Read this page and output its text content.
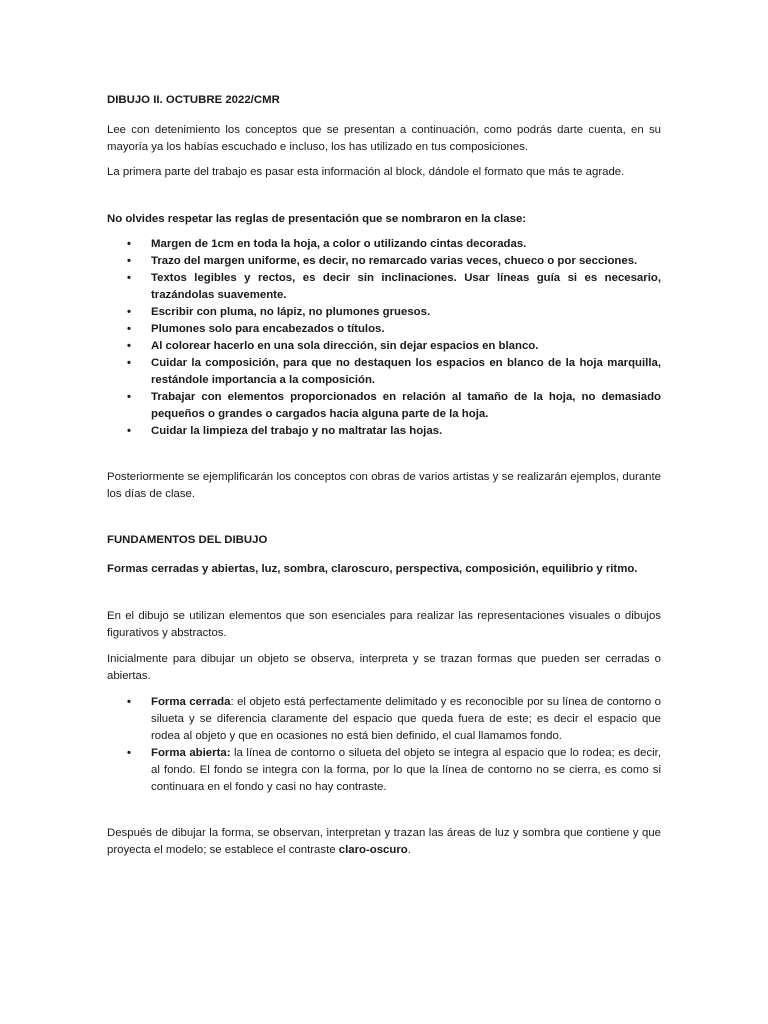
DIBUJO II. OCTUBRE 2022/CMR

Lee con detenimiento los conceptos que se presentan a continuación, como podrás darte cuenta, en su mayoría ya los habías escuchado e incluso, los has utilizado en tus composiciones.

La primera parte del trabajo es pasar esta información al block, dándole el formato que más te agrade.

No olvides respetar las reglas de presentación que se nombraron en la clase:

• Margen de 1cm en toda la hoja, a color o utilizando cintas decoradas.
• Trazo del margen uniforme, es decir, no remarcado varias veces, chueco o por secciones.
• Textos legibles y rectos, es decir sin inclinaciones. Usar líneas guía si es necesario, trazándolas suavemente.
• Escribir con pluma, no lápiz, no plumones gruesos.
• Plumones solo para encabezados o títulos.
• Al colorear hacerlo en una sola dirección, sin dejar espacios en blanco.
• Cuidar la composición, para que no destaquen los espacios en blanco de la hoja marquilla, restándole importancia a la composición.
• Trabajar con elementos proporcionados en relación al tamaño de la hoja, no demasiado pequeños o grandes o cargados hacia alguna parte de la hoja.
• Cuidar la limpieza del trabajo y no maltratar las hojas.

Posteriormente se ejemplificarán los conceptos con obras de varios artistas y se realizarán ejemplos, durante los días de clase.

FUNDAMENTOS DEL DIBUJO

Formas cerradas y abiertas, luz, sombra, claroscuro, perspectiva, composición, equilibrio y ritmo.

En el dibujo se utilizan elementos que son esenciales para realizar las representaciones visuales o dibujos figurativos y abstractos.

Inicialmente para dibujar un objeto se observa, interpreta y se trazan formas que pueden ser cerradas o abiertas.

• Forma cerrada: el objeto está perfectamente delimitado y es reconocible por su línea de contorno o silueta y se diferencia claramente del espacio que queda fuera de este; es decir el espacio que rodea al objeto y que en ocasiones no está bien definido, el cual llamamos fondo.
• Forma abierta: la línea de contorno o silueta del objeto se integra al espacio que lo rodea; es decir, al fondo. El fondo se integra con la forma, por lo que la línea de contorno no se cierra, es como si continuara en el fondo y casi no hay contraste.

Después de dibujar la forma, se observan, interpretan y trazan las áreas de luz y sombra que contiene y que proyecta el modelo; se establece el contraste claro-oscuro.
